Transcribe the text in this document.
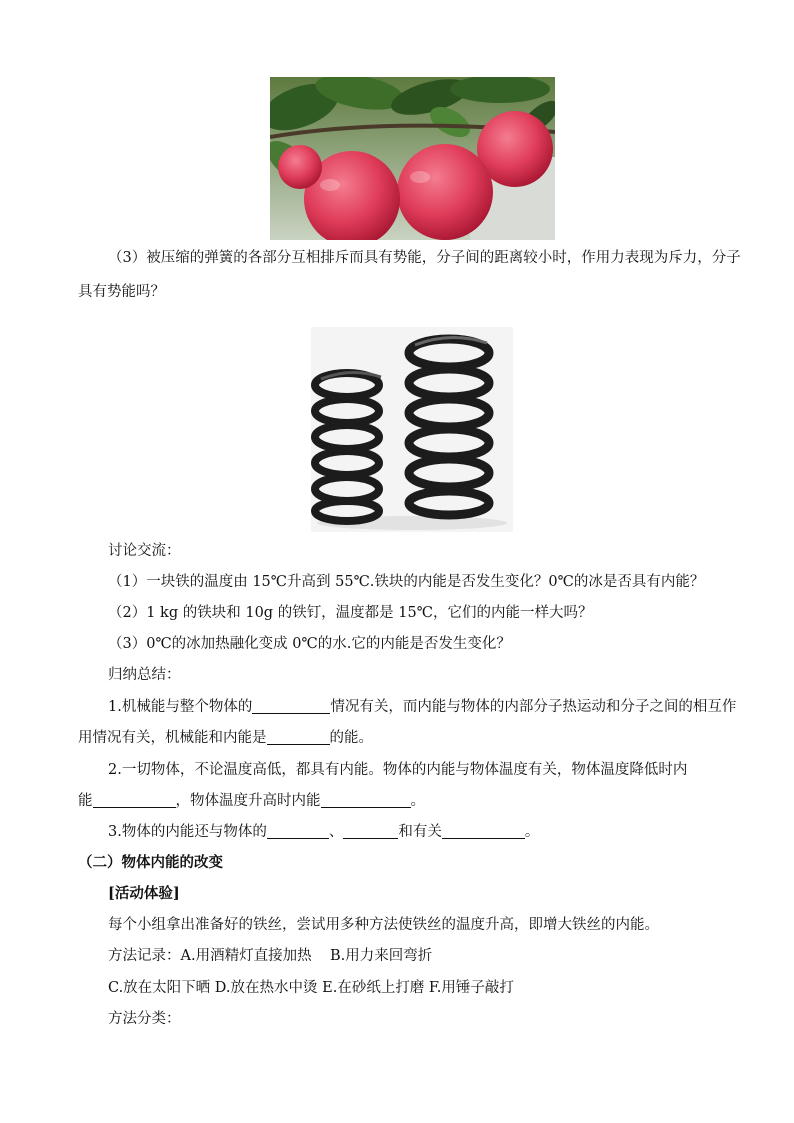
（3）被压缩的弹簧的各部分互相排斥而具有势能，分子间的距离较小时，作用力表现为斥力，分子
具有势能吗？
讨论交流：
（1）一块铁的温度由 15℃升高到 55℃.铁块的内能是否发生变化？0℃的冰是否具有内能？
（2）1 kg 的铁块和 10g 的铁钉，温度都是 15℃，它们的内能一样大吗？
（3）0℃的冰加热融化变成 0℃的水.它的内能是否发生变化？
归纳总结：
1.机械能与整个物体的	情况有关，而内能与物体的内部分子热运动和分子之间的相互作
用情况有关，机械能和内能是	的能。
2.一切物体，不论温度高低，都具有内能。物体的内能与物体温度有关，物体温度降低时内
能	，物体温度升高时内能	。
3.物体的内能还与物体的	、	和有关	。
（二）物体内能的改变
[活动体验]
每个小组拿出准备好的铁丝，尝试用多种方法使铁丝的温度升高，即增大铁丝的内能。
方法记录：A.用酒精灯直接加热    B.用力来回弯折
C.放在太阳下晒 D.放在热水中烫 E.在砂纸上打磨 F.用锤子敲打
方法分类：
